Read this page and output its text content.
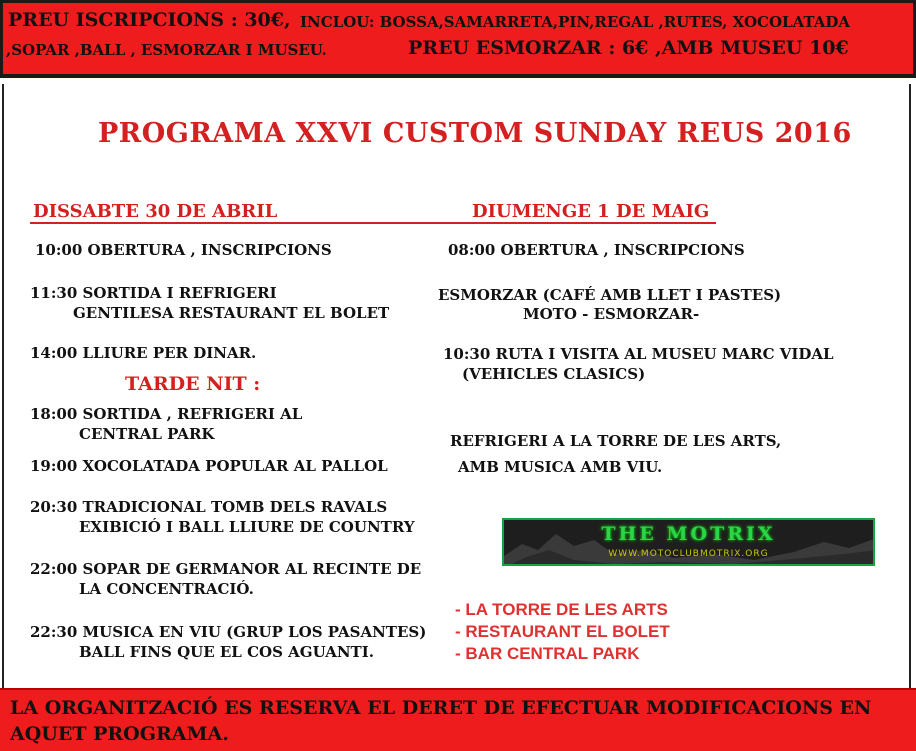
PREU ISCRIPCIONS : 30€, INCLOU: BOSSA,SAMARRETA,PIN,REGAL ,RUTES, XOCOLATADA
,SOPAR ,BALL , ESMORZAR I MUSEU.	PREU ESMORZAR : 6€ ,AMB MUSEU 10€
PROGRAMA XXVI CUSTOM SUNDAY REUS 2016
DISSABTE 30 DE ABRIL
10:00 OBERTURA , INSCRIPCIONS
11:30 SORTIDA I REFRIGERI
GENTILESA RESTAURANT EL BOLET
14:00 LLIURE PER DINAR.
TARDE NIT :
18:00 SORTIDA , REFRIGERI AL
CENTRAL PARK
19:00 XOCOLATADA POPULAR AL PALLOL
20:30 TRADICIONAL TOMB DELS RAVALS
EXIBICIÓ I BALL LLIURE DE COUNTRY
22:00 SOPAR DE GERMANOR AL RECINTE DE
LA CONCENTRACIÓ.
22:30 MUSICA EN VIU (GRUP LOS PASANTES)
BALL FINS QUE EL COS AGUANTI.
DIUMENGE 1 DE MAIG
08:00 OBERTURA , INSCRIPCIONS
ESMORZAR (CAFÉ AMB LLET I PASTES)
MOTO - ESMORZAR-
10:30 RUTA I VISITA AL MUSEU MARC VIDAL
(VEHICLES CLASICS)
REFRIGERI A LA TORRE DE LES ARTS,
AMB MUSICA AMB VIU.
THE MOTRIX
WWW.MOTOCLUBMOTRIX.ORG
- LA TORRE DE LES ARTS
- RESTAURANT EL BOLET
- BAR CENTRAL PARK
LA ORGANITZACIÓ ES RESERVA EL DERET DE EFECTUAR MODIFICACIONS EN
AQUET PROGRAMA.
